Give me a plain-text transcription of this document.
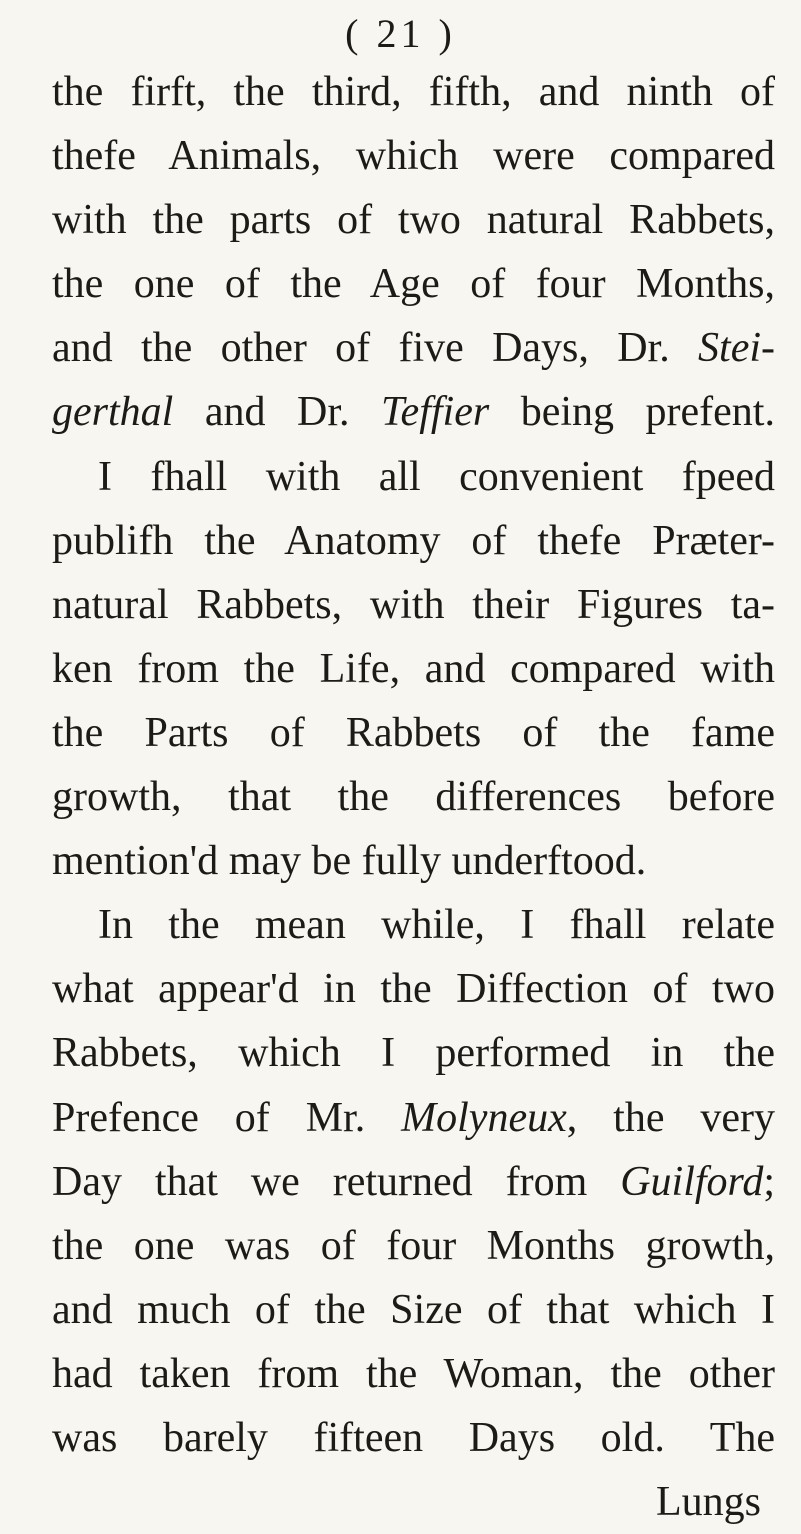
( 21 )
the firft, the third, fifth, and ninth of
thefe Animals, which were compared
with the parts of two natural Rabbets,
the one of the Age of four Months,
and the other of five Days, Dr. Stei-
gerthal and Dr. Teffier being prefent.
I fhall with all convenient fpeed
publifh the Anatomy of thefe Præter-
natural Rabbets, with their Figures ta-
ken from the Life, and compared with
the Parts of Rabbets of the fame
growth, that the differences before
mention'd may be fully underftood.
In the mean while, I fhall relate
what appear'd in the Diffection of two
Rabbets, which I performed in the
Prefence of Mr. Molyneux, the very
Day that we returned from Guilford;
the one was of four Months growth,
and much of the Size of that which I
had taken from the Woman, the other
was barely fifteen Days old. The
Lungs
